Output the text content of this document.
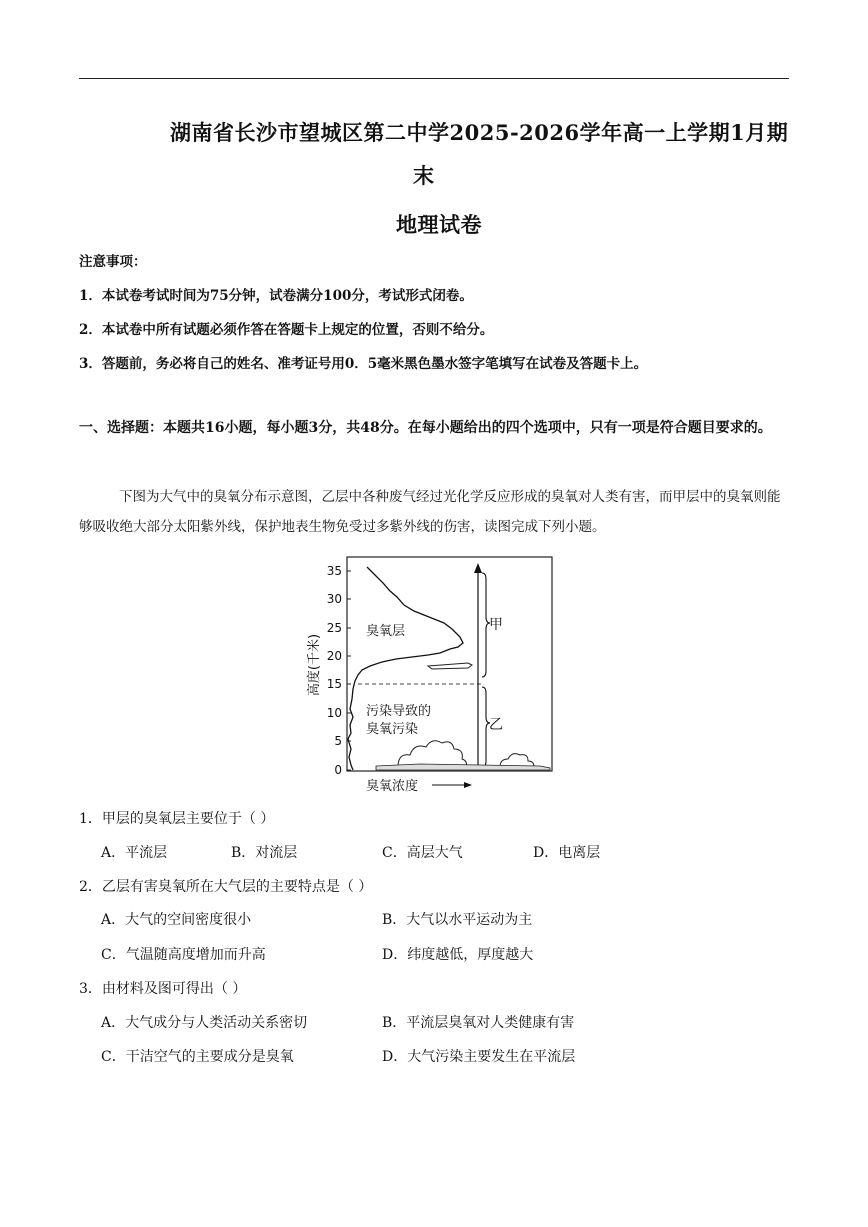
湖南省长沙市望城区第二中学2025-2026学年高一上学期1月期
末
地理试卷
注意事项：
1．本试卷考试时间为75分钟，试卷满分100分，考试形式闭卷。
2．本试卷中所有试题必须作答在答题卡上规定的位置，否则不给分。
3．答题前，务必将自己的姓名、准考证号用0．5毫米黑色墨水签字笔填写在试卷及答题卡上。
一、选择题：本题共16小题，每小题3分，共48分。在每小题给出的四个选项中，只有一项是符合题目要求的。
下图为大气中的臭氧分布示意图，乙层中各种废气经过光化学反应形成的臭氧对人类有害，而甲层中的臭氧则能够吸收绝大部分太阳紫外线，保护地表生物免受过多紫外线的伤害，读图完成下列小题。
0
5
10
15
20
25
30
35
高度(千米)
甲
乙
臭氧层
污染导致的
臭氧污染
臭氧浓度
1．甲层的臭氧层主要位于（ ）
A．平流层	B．对流层	C．高层大气	D．电离层
2．乙层有害臭氧所在大气层的主要特点是（ ）
A．大气的空间密度很小	B．大气以水平运动为主
C．气温随高度增加而升高	D．纬度越低，厚度越大
3．由材料及图可得出（ ）
A．大气成分与人类活动关系密切	B．平流层臭氧对人类健康有害
C．干洁空气的主要成分是臭氧	D．大气污染主要发生在平流层
